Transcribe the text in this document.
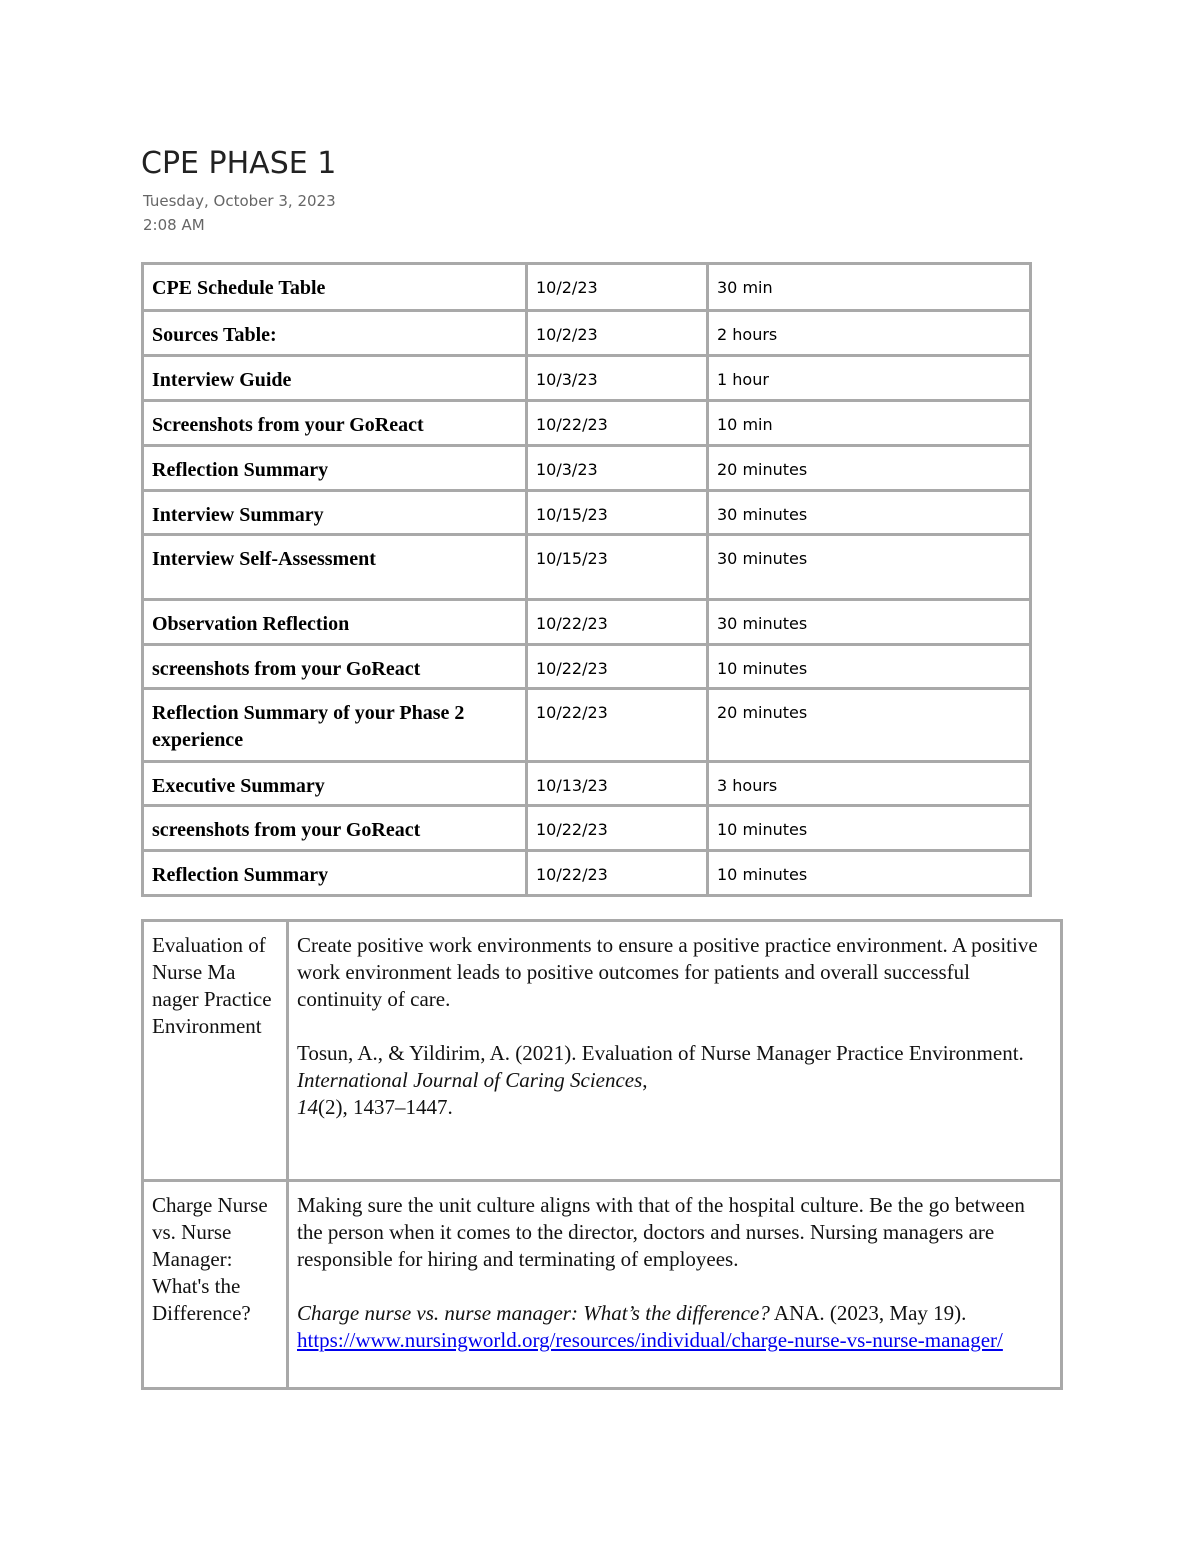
CPE PHASE 1
Tuesday, October 3, 2023
2:08 AM
CPE Schedule Table	10/2/23	30 min
Sources Table:	10/2/23	2 hours
Interview Guide	10/3/23	1 hour
Screenshots from your GoReact	10/22/23	10 min
Reflection Summary	10/3/23	20 minutes
Interview Summary	10/15/23	30 minutes
Interview Self-Assessment	10/15/23	30 minutes
Observation Reflection	10/22/23	30 minutes
screenshots from your GoReact	10/22/23	10 minutes
Reflection Summary of your Phase 2 experience	10/22/23	20 minutes
Executive Summary	10/13/23	3 hours
screenshots from your GoReact	10/22/23	10 minutes
Reflection Summary	10/22/23	10 minutes
Evaluation of Nurse Ma nager Practice Environment	Create positive work environments to ensure a positive practice environment. A positive work environment leads to positive outcomes for patients and overall successful continuity of care.

Tosun, A., & Yildirim, A. (2021). Evaluation of Nurse Manager Practice Environment.

International Journal of Caring Sciences,

14(2), 1437–1447.

Charge Nurse vs. Nurse Manager: What's the Difference?	Making sure the unit culture aligns with that of the hospital culture. Be the go between the person when it comes to the director, doctors and nurses. Nursing managers are responsible for hiring and terminating of employees.

Charge nurse vs. nurse manager: What’s the difference? ANA. (2023, May 19). https://www.nursingworld.org/resources/individual/charge-nurse-vs-nurse-manager/
